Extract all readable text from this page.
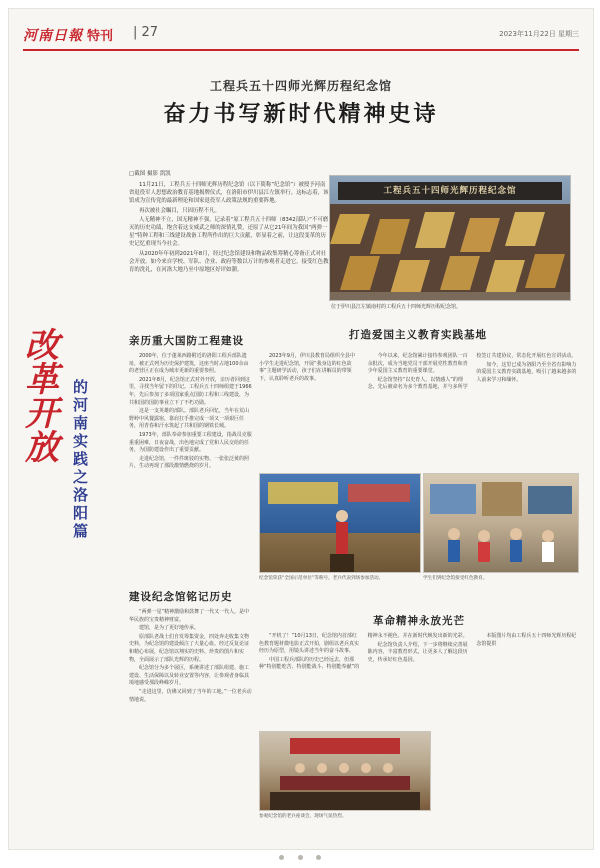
河南日報 特刊 | 27	2023年11月22日 星期三
工程兵五十四师光辉历程纪念馆
奋力书写新时代精神史诗
□截图 摄影 凯凯

11月21日，工程兵五十四师光辉历程纪念馆（以下简称“纪念馆”）被授予河南省退役军人思想政治教育基地揭牌仪式，在洛阳市伊川县江左镇举行。这标志着，该馆成为宣传党的最新理论和国家退役军人政策法规的重要阵地。

再次被社会瞩目，只因历程不凡。

人无精神不立，国无精神不强。记录着“原工程兵五十四师（8342部队）”不可磨灭的历史功绩，饱含着这支威武之师的深情礼赞，还原了从它21年间为我国“两弹一星”特种工程和三线建设战备工程所作出的巨大贡献，彰显着之前，让这段变革的历史记忆重现当今社会。

从2020年年初到2021年8月，经过纪念馆建设和物品收集筹精心筹备正式对社会开放。如今来自学校、军队、企业、政府等数以万计的参观者走进它，接受红色教育的洗礼，在河洛大地乃至中原地区好评如潮。

工程兵五十四师光辉历程纪念馆
位于伊川县江左镇南村的工程兵五十四师光辉历程纪念馆。
改革开放 的河南实践之洛阳篇
亲历重大国防工程建设

2000年，位于蓬莱西路附近的洛阳工程兵部队遗址，被正式列为历史保护建筑，这座当时占地100余亩的老营区正在成为城市更新的重要参照。

2021年8月，纪念馆正式对外开放，亲历者回到这里，寻找当年留下的印记。工程兵五十四师组建于1966年，先后参加了多项国家重点国防工程和三线建设，为共和国的国防事业立下了不朽功勋。

这是一支英雄的部队。部队老兵回忆，当年在荒山野岭中风餐露宿，靠肩扛手推完成一项又一项艰巨任务，用青春和汗水筑起了共和国的钢铁长城。

1973年，部队奉命参加重要工程建设，指战员克服重重困难，日夜奋战，出色地完成了党和人民交给的任务，为国防建设作出了重要贡献。

走进纪念馆，一件件斑驳的实物、一张张泛黄的照片，生动再现了那段激情燃烧的岁月。

打造爱国主义教育实践基地

2023年9月，伊川县教育局组织全县中小学生走进纪念馆，开展“我身边的红色故事”主题研学活动，孩子们在讲解员的带领下，认真聆听老兵的故事。

今年以来，纪念馆累计接待参观团队一百余批次，成为当地党员干部开展党性教育和青少年爱国主义教育的重要课堂。

纪念馆坚持“以史育人、以情感人”的理念，先后被命名为多个教育基地，并与多所学校签订共建协议，常态化开展红色宣讲活动。

如今，这里已成为洛阳乃至全省有影响力的爱国主义教育实践基地，吸引了越来越多的人前来学习和缅怀。

纪念馆荣获“全国示范单位”等称号，老兵代表到场参加活动。	学生们到纪念馆接受红色教育。
建设纪念馆铭记历史

“两弹一星”精神激励和鼓舞了一代又一代人，是中华民族的宝贵精神财富。

建馆，是为了更好地传承。

原部队老战士们自发筹集资金，四处奔走收集文物史料，为纪念馆的建设倾注了大量心血。经过反复论证和精心布展，纪念馆以翔实的史料、珍贵的图片和实物，全面展示了部队光辉的历程。

纪念馆分为多个展区，系统讲述了部队组建、施工建设、生活保障以及转业安置等内容，让参观者身临其境地感受那段峥嵘岁月。

“走进这里，仿佛又回到了当年的工地。”一位老兵动情地说。

革命精神永放光芒

“开机了！”10月13日，纪念馆内首部红色教育题材微电影正式开拍，剧组以老兵真实经历为原型，用镜头讲述当年的奋斗故事。

中国工程兵部队的历史已经远去，但那种“特别能吃苦、特别能战斗、特别能奉献”的精神永不褪色，并在新时代焕发出新的光彩。

纪念馆负责人介绍，下一步将继续完善展陈内容，丰富教育形式，让更多人了解这段历史，传承好红色基因。

本版图片均由工程兵五十四师光辉历程纪念馆提供

参观纪念馆的老兵座谈会，现场气氛热烈。
